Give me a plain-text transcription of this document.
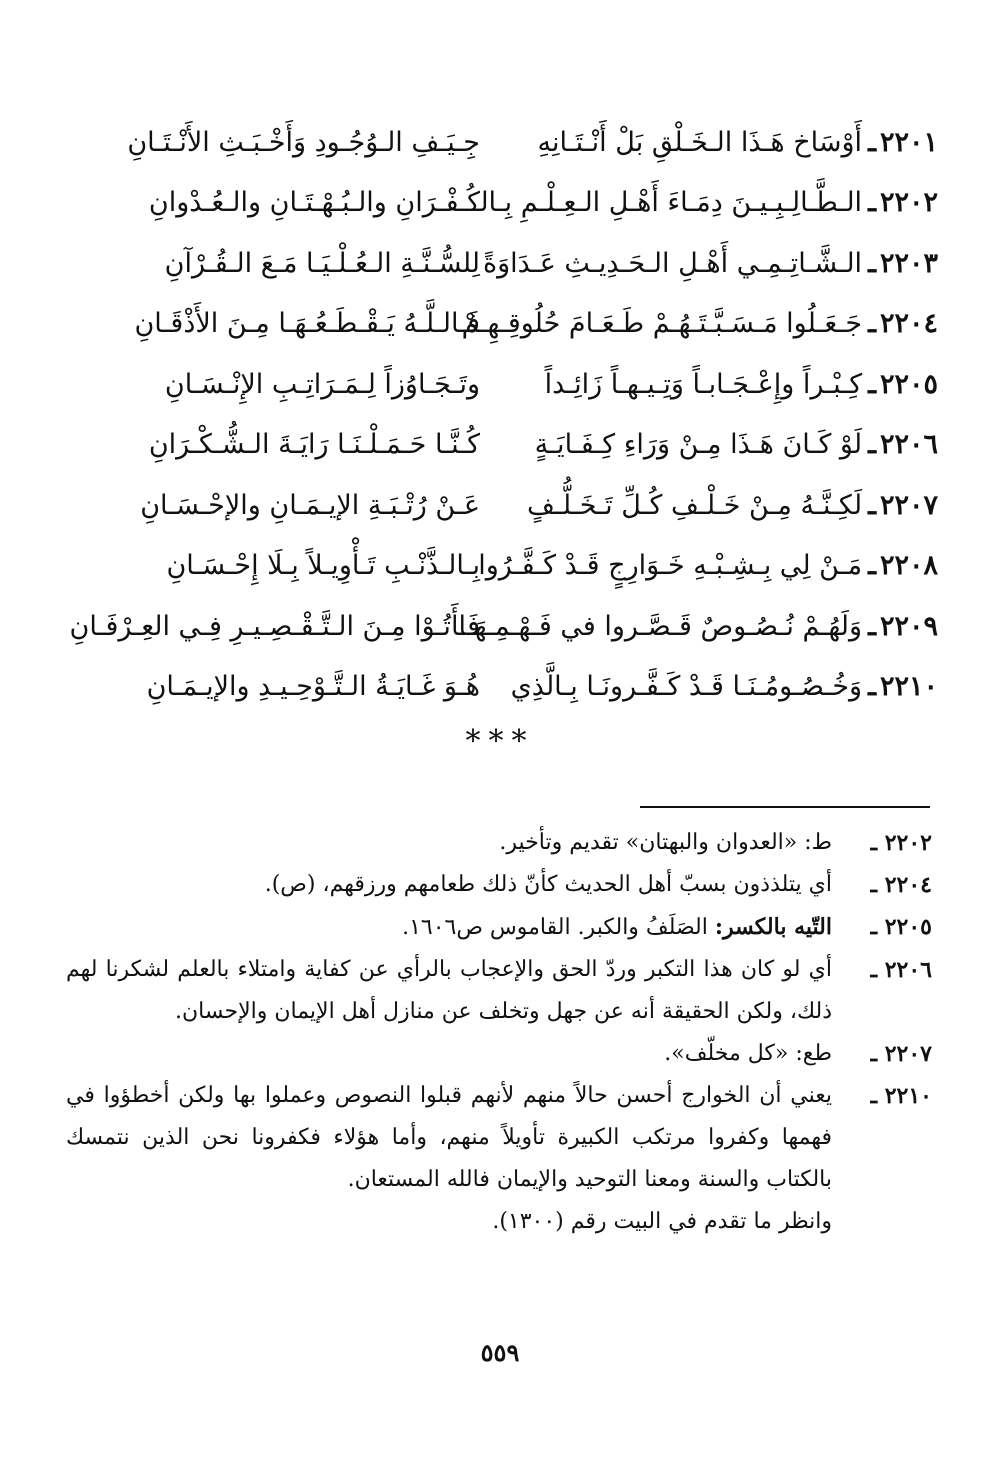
٢٢٠١
ـ
أَوْسَاخ هَـذَا الـخَـلْقِ بَلْ أَنْـتَـانِهِ
جِـيَـفِ الـوُجُـودِ وَأَخْـبَـثِ الأَنْـتَـانِ
٢٢٠٢
ـ
الـطَّـالِـبِـيـنَ دِمَـاءَ أَهْـلِ الـعِـلْـمِ بِـالـ
كُـفْـرَانِ والـبُـهْـتَـانِ والـعُـدْوانِ
٢٢٠٣
ـ
الـشَّـاتِـمِـي أَهْـلِ الـحَـدِيـثِ عَـدَاوَةً
لِلسُّـنَّـةِ الـعُـلْـيَـا مَـعَ الـقُـرْآنِ
٢٢٠٤
ـ
جَـعَـلُوا مَـسَـبَّـتَـهُـمْ طَـعَـامَ حُلُوقِـهِـمْ
فَـالـلَّـهُ يَـقْـطَـعُـهَـا مِـنَ الأَذْقَـانِ
٢٢٠٥
ـ
كِـبْـراً وإِعْـجَـابـاً وَتِـيـهـاً زَائِـداً
وتَـجَـاوُزاً لِـمَـرَاتِـبِ الإِنْـسَـانِ
٢٢٠٦
ـ
لَوْ كَـانَ هَـذَا مِـنْ وَرَاءِ كِـفَـايَـةٍ
كُـنَّـا حَـمَـلْـنَـا رَايَـةَ الـشُّـكْـرَانِ
٢٢٠٧
ـ
لَكِـنَّـهُ مِـنْ خَـلْـفِ كُـلِّ تَـخَـلُّـفٍ
عَـنْ رُتْـبَـةِ الإيـمَـانِ والإحْـسَـانِ
٢٢٠٨
ـ
مَـنْ لِي بِـشِـبْـهِ خَـوَارِجٍ قَـدْ كَـفَّـرُوا
بِـالـذَّنْـبِ تَـأْوِيـلاً بِـلَا إِحْـسَـانِ
٢٢٠٩
ـ
وَلَهُـمْ نُـصُـوصٌ قَـصَّـروا في فَـهْـمِـهَـا
فَـأَتُـوْا مِـنَ الـتَّـقْـصِـيـرِ فِـي العِـرْفَـانِ
٢٢١٠
ـ
وَخُـصُـومُـنَـا قَـدْ كَـفَّـرونَـا بِـالَّذِي
هُـوَ غَـايَـةُ الـتَّـوْحِـيـدِ والإيـمَـانِ
***
٢٢٠٢ ـ
ط: «العدوان والبهتان» تقديم وتأخير.
٢٢٠٤ ـ
أي يتلذذون بسبّ أهل الحديث كأنّ ذلك طعامهم ورزقهم، (ص).
٢٢٠٥ ـ
التّيه بالكسر: الصَلَفُ والكبر. القاموس ص١٦٠٦.
٢٢٠٦ ـ
أي لو كان هذا التكبر وردّ الحق والإعجاب بالرأي عن كفاية وامتلاء بالعلم لشكرنا لهم ذلك، ولكن الحقيقة أنه عن جهل وتخلف عن منازل أهل الإيمان والإحسان.
٢٢٠٧ ـ
طع: «كل مخلّف».
٢٢١٠ ـ
يعني أن الخوارج أحسن حالاً منهم لأنهم قبلوا النصوص وعملوا بها ولكن أخطؤوا في فهمها وكفروا مرتكب الكبيرة تأويلاً منهم، وأما هؤلاء فكفرونا نحن الذين نتمسك بالكتاب والسنة ومعنا التوحيد والإيمان فالله المستعان.
وانظر ما تقدم في البيت رقم (١٣٠٠).
٥٥٩
